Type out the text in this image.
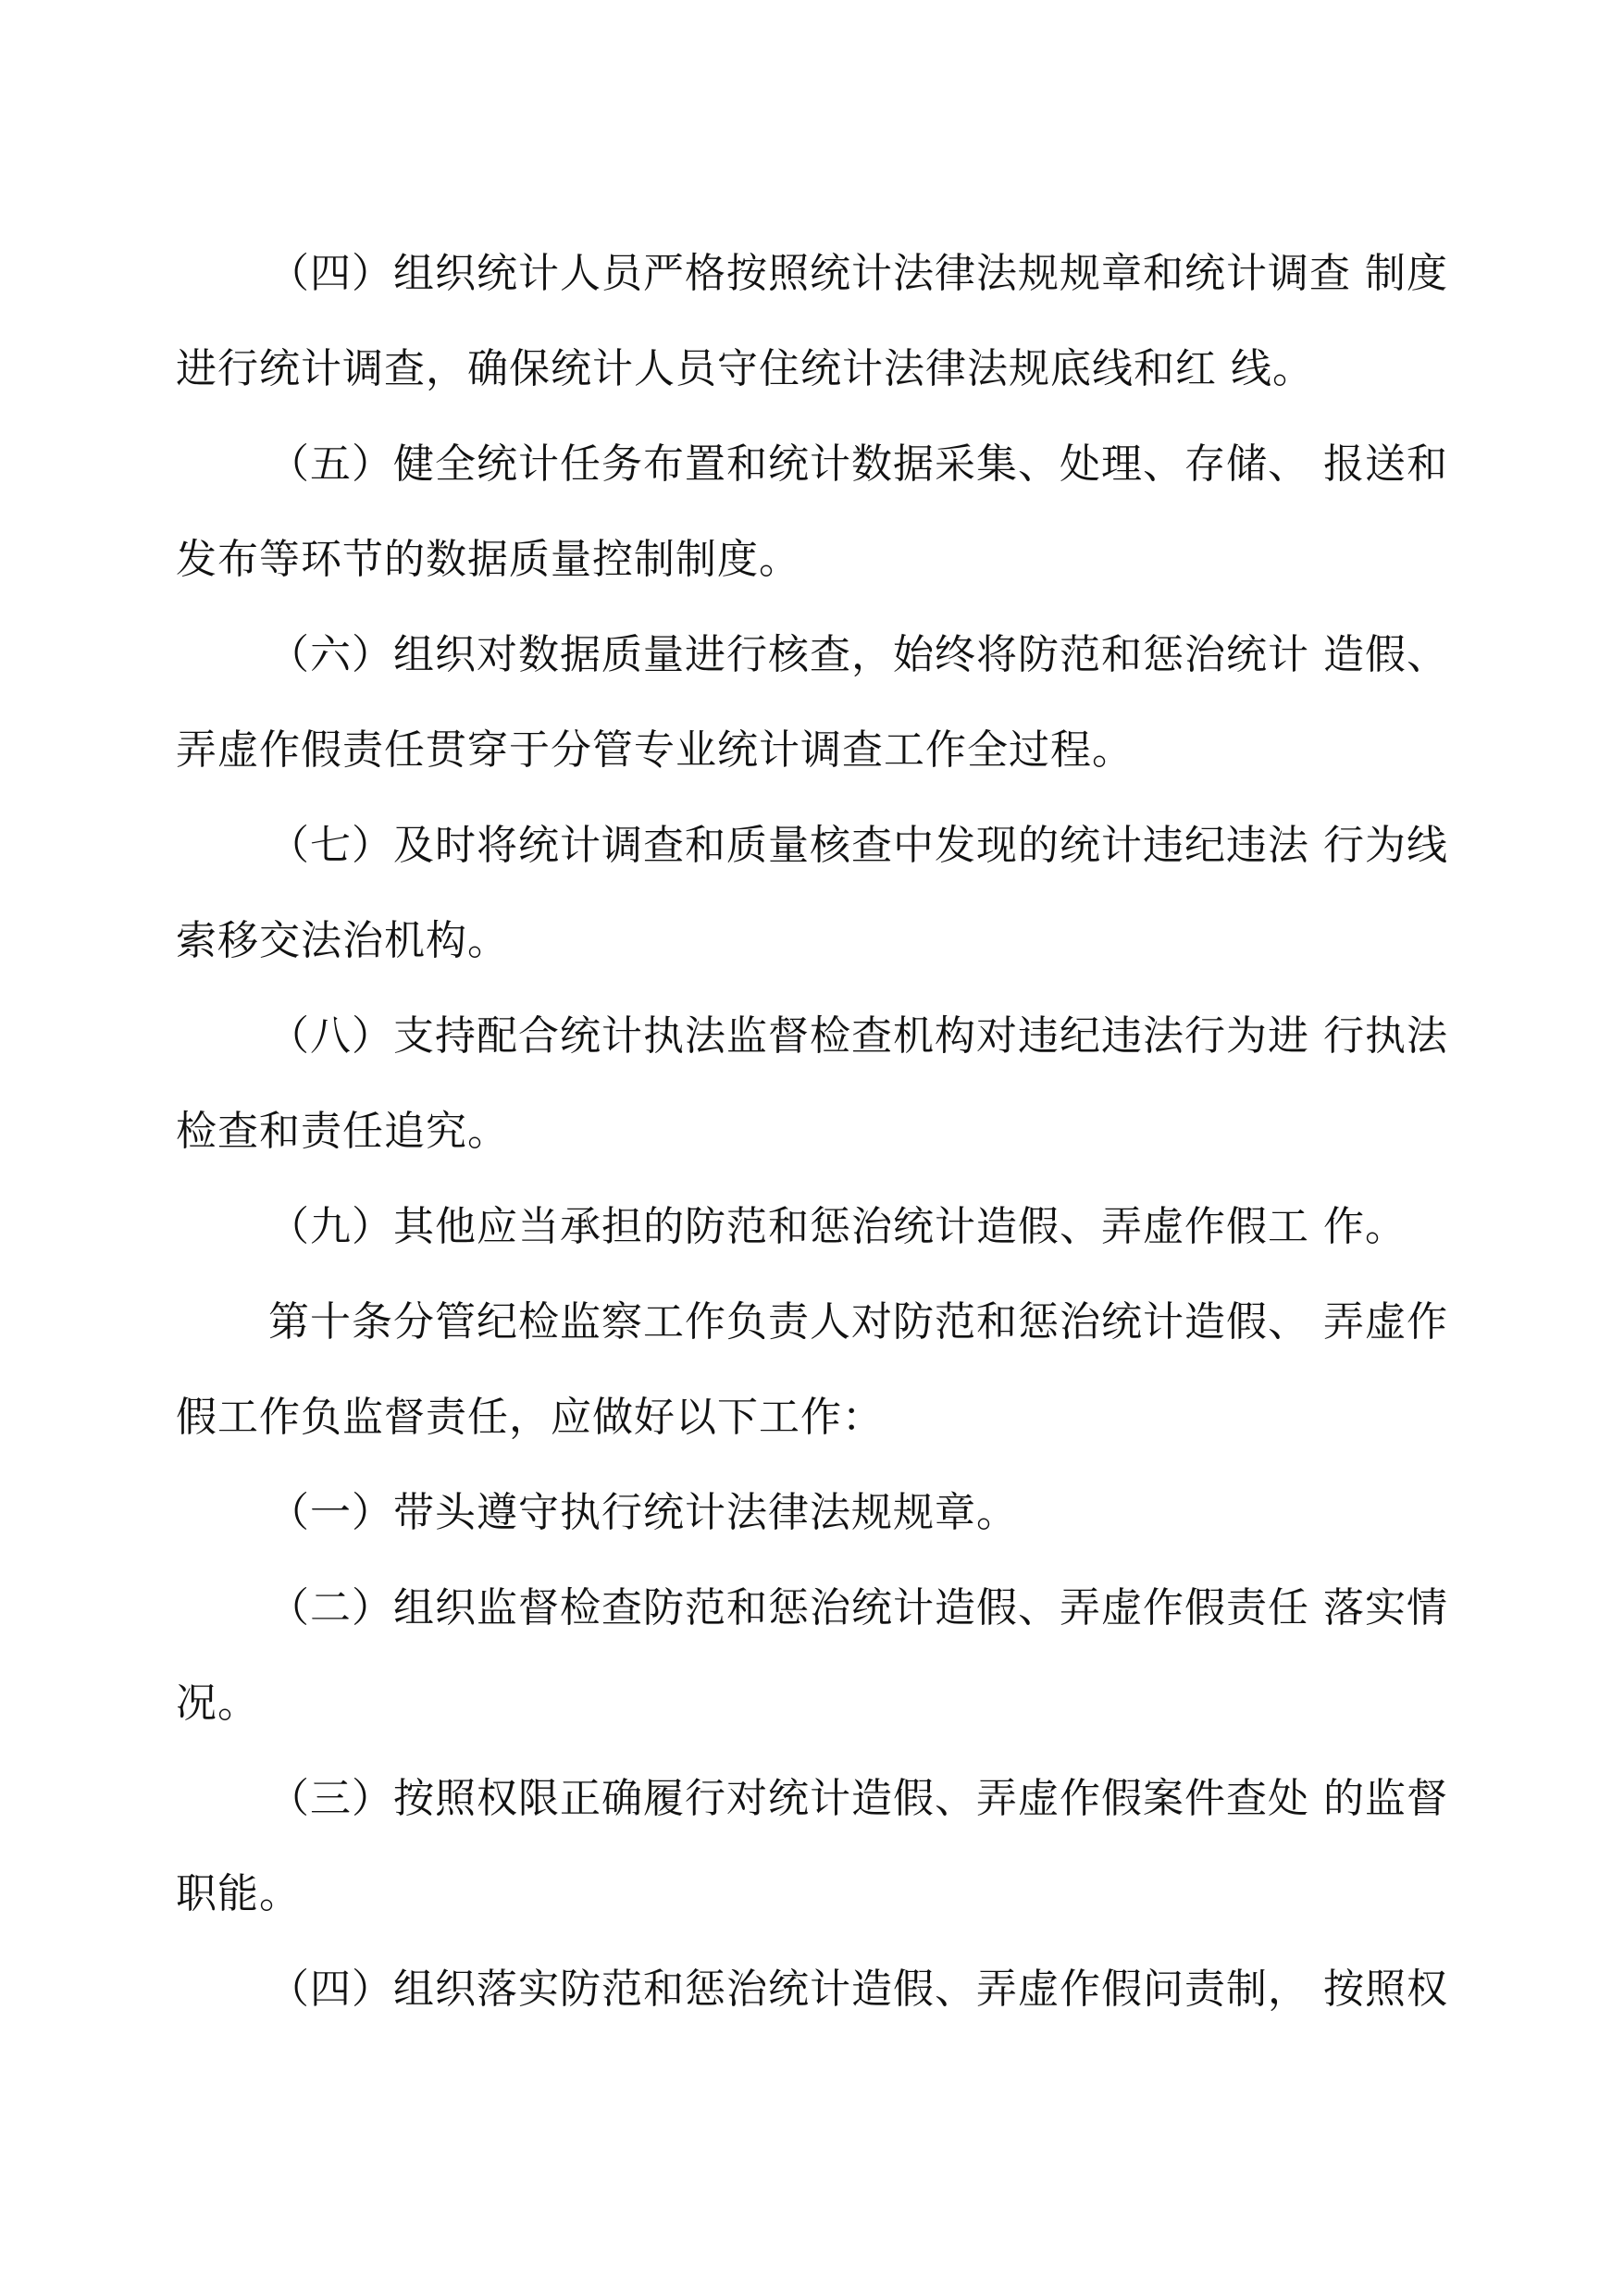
（四）组织统计人员严格按照统计法律法规规章和统计调查 制度进行统计调查，确保统计人员守住统计法律法规底线和红 线。

（五）健全统计任务布置和统计数据采集、处理、存储、 报送和发布等环节的数据质量控制制度。

（六）组织对数据质量进行核查，始终将防范和惩治统计 造假、弄虚作假责任贯穿于分管专业统计调查工作全过程。

（七）及时将统计调查和质量核查中发现的统计违纪违法 行为线索移交法治机构。

（八）支持配合统计执法监督检查机构对违纪违法行为进 行执法检查和责任追究。

（九）其他应当承担的防范和惩治统计造假、弄虚作假工 作。

第十条分管纪检监察工作负责人对防范和惩治统计造假、 弄虚作假工作负监督责任，应做好以下工作：

（一）带头遵守执行统计法律法规规章。

（二）组织监督检查防范和惩治统计造假、弄虚作假责任 落实情况。

（三）按照权限正确履行对统计造假、弄虚作假案件查处 的监督职能。

（四）组织落实防范和惩治统计造假、弄虚作假问责制， 按照权
